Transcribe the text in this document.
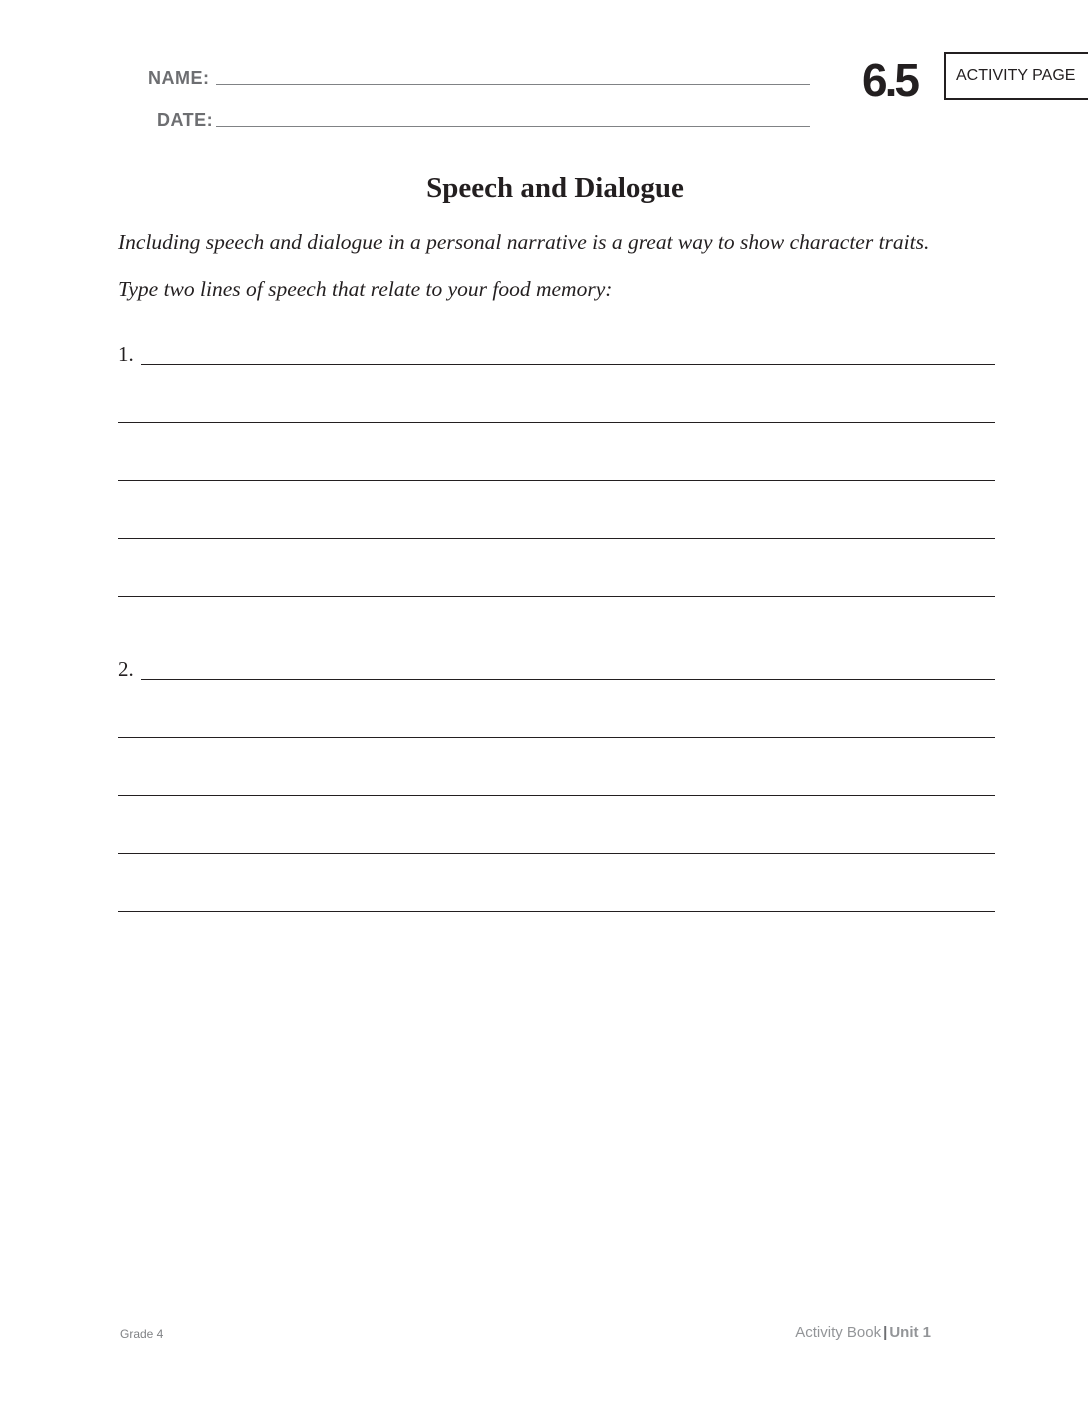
NAME:
DATE:
6.5 ACTIVITY PAGE
Speech and Dialogue
Including speech and dialogue in a personal narrative is a great way to show character traits.
Type two lines of speech that relate to your food memory:
1.
2.
Grade 4	Activity Book | Unit 1
